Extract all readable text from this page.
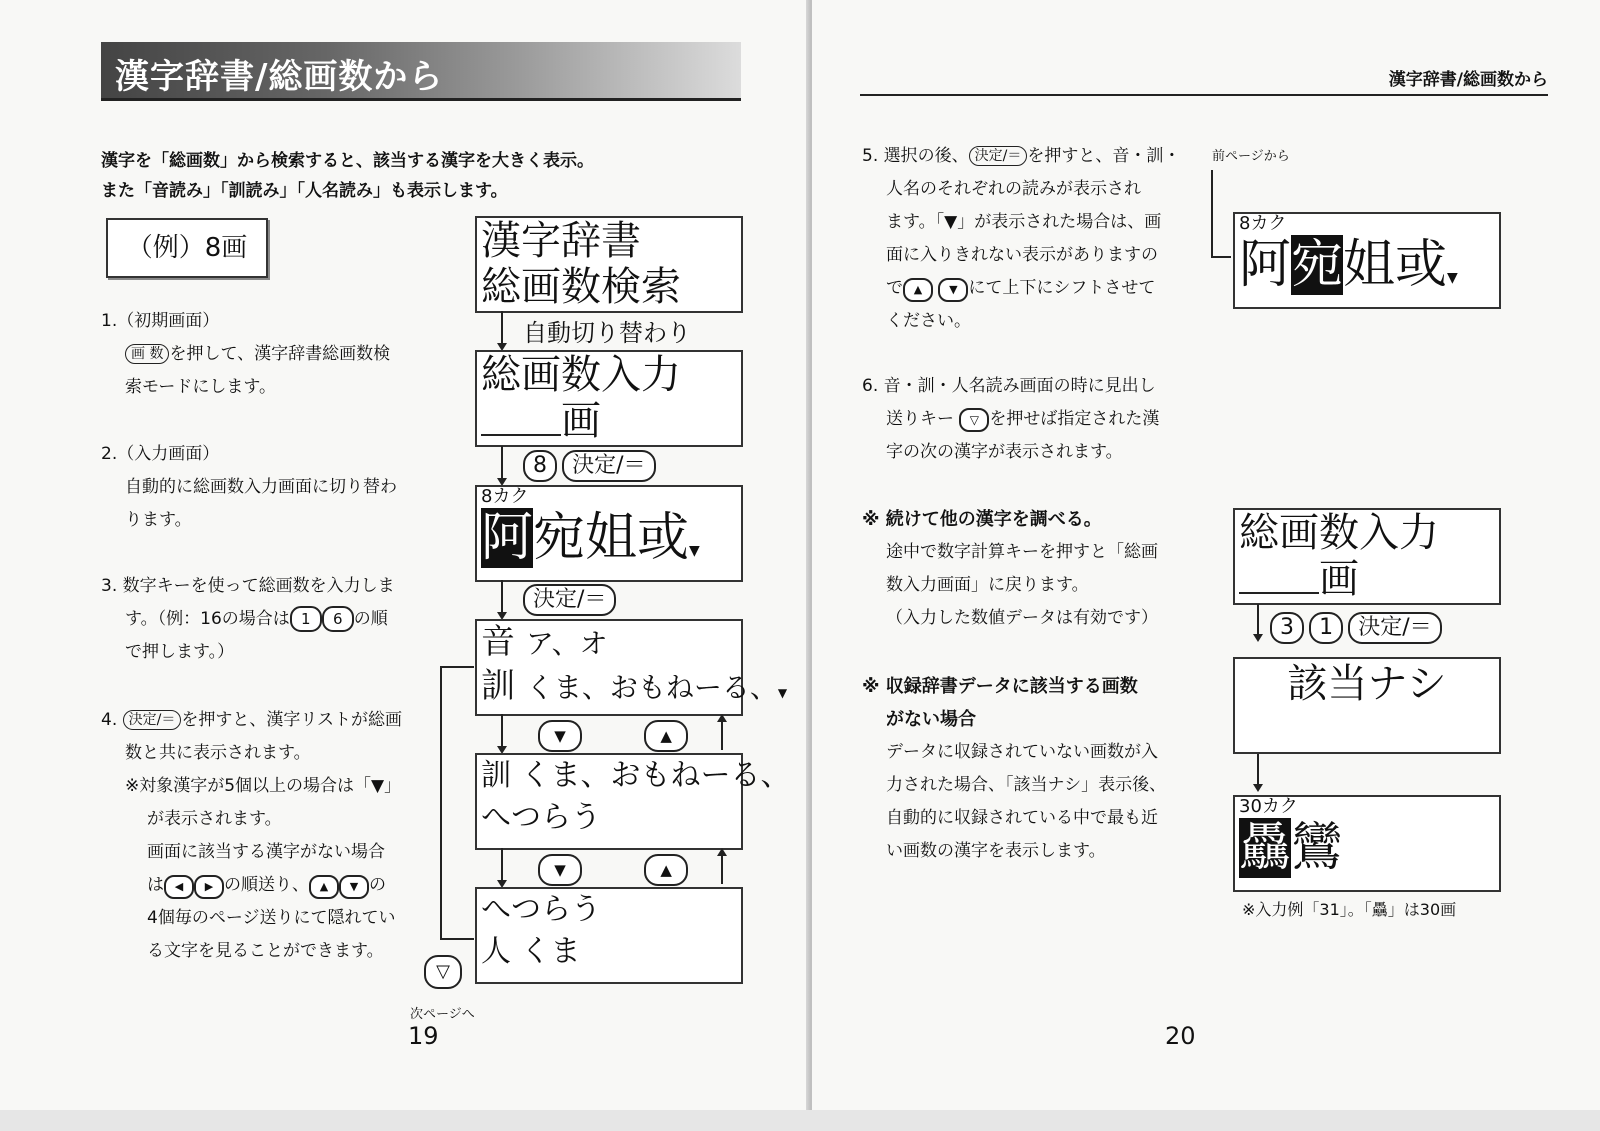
漢字辞書/総画数から
漢字を「総画数」から検索すると、該当する漢字を大きく表示。
また「音読み」「訓読み」「人名読み」も表示します。
（例）8画
1.（初期画面）
画 数 を押して、漢字辞書総画数検
索モードにします。
2.（入力画面）
自動的に総画数入力画面に切り替わ
ります。
3. 数字キーを使って総画数を入力しま
す。（例：16の場合は 1 6 の順
で押します。）
4. 決定/＝ を押すと、漢字リストが総画
数と共に表示されます。
※対象漢字が5個以上の場合は「▼」
が表示されます。
画面に該当する漢字がない場合
は ◀ ▶ の順送り、 ▲ ▼ の
4個毎のページ送りにて隠れてい
る文字を見ることができます。
漢字辞書
総画数検索
自動切り替わり
総画数入力
画
8 決定/＝
8カク
阿宛姐或▼
決定/＝
音 ア、オ
訓 くま、おもねーる、▼
▼	▲
訓 くま、おもねーる、
へつらう
▼	▲
へつらう
人 くま
▽
次ページへ
19
漢字辞書/総画数から
5. 選択の後、 決定/＝ を押すと、音・訓・
人名のそれぞれの読みが表示され
ます。「▼」が表示された場合は、画
面に入りきれない表示がありますの
で ▲ ▼ にて上下にシフトさせて
ください。
前ページから
8カク
阿宛姐或▼
6. 音・訓・人名読み画面の時に見出し
送りキー ▽ を押せば指定された漢
字の次の漢字が表示されます。
※ 続けて他の漢字を調べる。
途中で数字計算キーを押すと「総画
数入力画面」に戻ります。
（入力した数値データは有効です）
※ 収録辞書データに該当する画数
がない場合
データに収録されていない画数が入
力された場合、「該当ナシ」表示後、
自動的に収録されている中で最も近
い画数の漢字を表示します。
総画数入力
画
3 1 決定/＝
該当ナシ
30カク
驫鸞
※入力例「31」。「驫」は30画
20
